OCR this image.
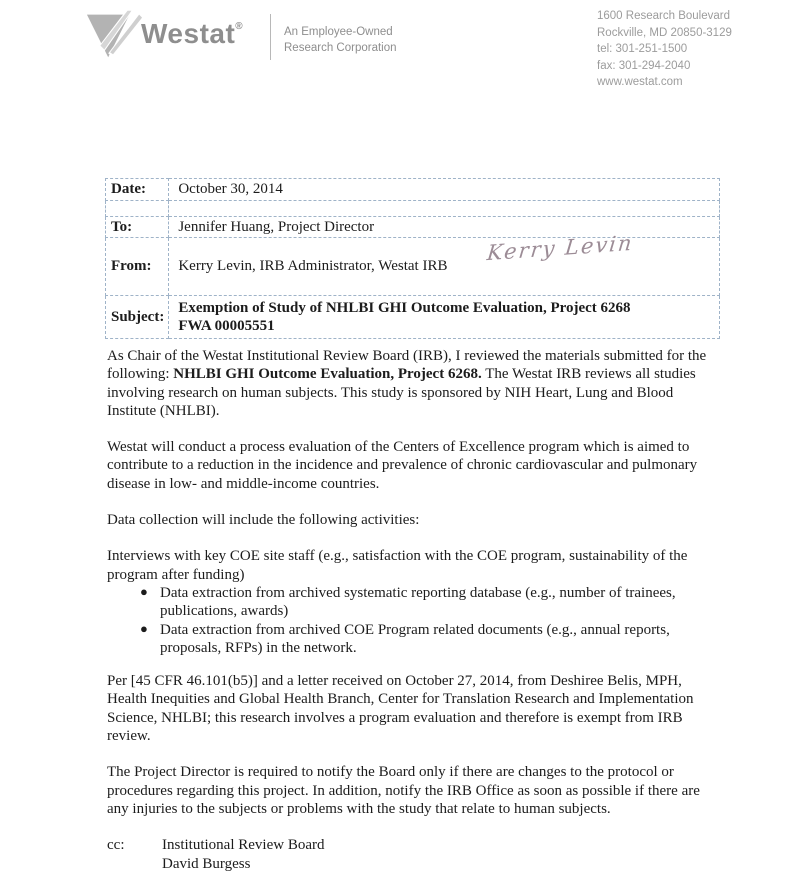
Westat®	An Employee-Owned
Research Corporation
1600 Research Boulevard
Rockville, MD 20850-3129
tel: 301-251-1500
fax: 301-294-2040
www.westat.com
Date:	October 30, 2014

To:	Jennifer Huang, Project Director
From:	Kerry Levin, IRB Administrator, Westat IRB
Kerry Levin

Subject:	Exemption of Study of NHLBI GHI Outcome Evaluation, Project 6268
FWA 00005551

As Chair of the Westat Institutional Review Board (IRB), I reviewed the materials submitted for the following: NHLBI GHI Outcome Evaluation, Project 6268. The Westat IRB reviews all studies involving research on human subjects. This study is sponsored by NIH Heart, Lung and Blood Institute (NHLBI).

Westat will conduct a process evaluation of the Centers of Excellence program which is aimed to contribute to a reduction in the incidence and prevalence of chronic cardiovascular and pulmonary disease in low- and middle-income countries.

Data collection will include the following activities:

Interviews with key COE site staff (e.g., satisfaction with the COE program, sustainability of the program after funding)

● Data extraction from archived systematic reporting database (e.g., number of trainees, publications, awards)
● Data extraction from archived COE Program related documents (e.g., annual reports, proposals, RFPs) in the network.

Per [45 CFR 46.101(b5)] and a letter received on October 27, 2014, from Deshiree Belis, MPH, Health Inequities and Global Health Branch, Center for Translation Research and Implementation Science, NHLBI; this research involves a program evaluation and therefore is exempt from IRB review.

The Project Director is required to notify the Board only if there are changes to the protocol or procedures regarding this project. In addition, notify the IRB Office as soon as possible if there are any injuries to the subjects or problems with the study that relate to human subjects.

cc:	Institutional Review Board
David Burgess
